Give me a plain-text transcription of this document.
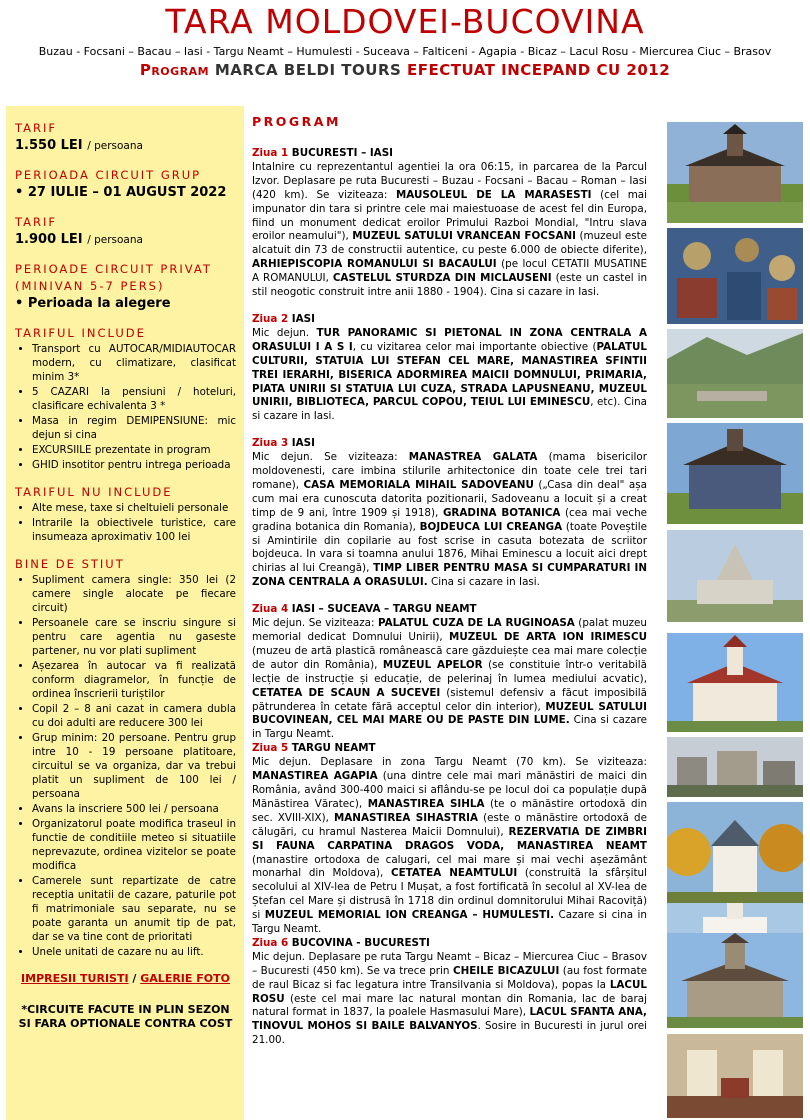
TARA MOLDOVEI-BUCOVINA

Buzau - Focsani – Bacau – Iasi - Targu Neamt – Humulesti - Suceava – Falticeni - Agapia - Bicaz – Lacul Rosu - Miercurea Ciuc – Brasov

Program MARCA BELDI TOURS EFECTUAT INCEPAND CU 2012

TARIF

1.550 LEI / persoana

PERIOADA CIRCUIT GRUP

• 27 IULIE – 01 AUGUST 2022

TARIF

1.900 LEI / persoana

PERIOADE CIRCUIT PRIVAT (MINIVAN 5-7 PERS)

• Perioada la alegere

TARIFUL INCLUDE

• Transport cu AUTOCAR/MIDIAUTOCAR modern, cu climatizare, clasificat minim 3*
• 5 CAZARI la pensiuni / hoteluri, clasificare echivalenta 3 *
• Masa in regim DEMIPENSIUNE: mic dejun si cina
• EXCURSIILE prezentate in program
• GHID insotitor pentru intrega perioada

TARIFUL NU INCLUDE

• Alte mese, taxe si cheltuieli personale
• Intrarile la obiectivele turistice, care insumeaza aproximativ 100 lei

BINE DE STIUT

• Supliment camera single: 350 lei (2 camere single alocate pe fiecare circuit)
• Persoanele care se inscriu singure si pentru care agentia nu gaseste partener, nu vor plati supliment
• Așezarea în autocar va fi realizată conform diagramelor, în funcție de ordinea înscrierii turiștilor
• Copil 2 – 8 ani cazat in camera dubla cu doi adulti are reducere 300 lei
• Grup minim: 20 persoane. Pentru grup intre 10 - 19 persoane platitoare, circuitul se va organiza, dar va trebui platit un supliment de 100 lei / persoana
• Avans la inscriere 500 lei / persoana
• Organizatorul poate modifica traseul in functie de conditiile meteo si situatiile neprevazute, ordinea vizitelor se poate modifica
• Camerele sunt repartizate de catre receptia unitatii de cazare, paturile pot fi matrimoniale sau separate, nu se poate garanta un anumit tip de pat, dar se va tine cont de prioritati
• Unele unitati de cazare nu au lift.
IMPRESII TURISTI / GALERIE FOTO
*CIRCUITE FACUTE IN PLIN SEZON SI FARA OPTIONALE CONTRA COST
PROGRAM
Ziua 1 BUCURESTI – IASI
Intalnire cu reprezentantul agentiei la ora 06:15, in parcarea de la Parcul Izvor. Deplasare pe ruta Bucuresti – Buzau - Focsani – Bacau – Roman – Iasi (420 km). Se viziteaza: MAUSOLEUL DE LA MARASESTI (cel mai impunator din tara si printre cele mai maiestuoase de acest fel din Europa, fiind un monument dedicat eroilor Primului Razboi Mondial, "Intru slava eroilor neamului"), MUZEUL SATULUI VRANCEAN FOCSANI (muzeul este alcatuit din 73 de constructii autentice, cu peste 6.000 de obiecte diferite), ARHIEPISCOPIA ROMANULUI SI BACAULUI (pe locul CETATII MUSATINE A ROMANULUI, CASTELUL STURDZA DIN MICLAUSENI (este un castel in stil neogotic construit intre anii 1880 - 1904). Cina si cazare in Iasi.
Ziua 2 IASI
Mic dejun. TUR PANORAMIC SI PIETONAL IN ZONA CENTRALA A ORASULUI I A S I, cu vizitarea celor mai importante obiective (PALATUL CULTURII, STATUIA LUI STEFAN CEL MARE, MANASTIREA SFINTII TREI IERARHI, BISERICA ADORMIREA MAICII DOMNULUI, PRIMARIA, PIATA UNIRII SI STATUIA LUI CUZA, STRADA LAPUSNEANU, MUZEUL UNIRII, BIBLIOTECA, PARCUL COPOU, TEIUL LUI EMINESCU, etc). Cina si cazare in Iasi.
Ziua 3 IASI
Mic dejun. Se viziteaza: MANASTREA GALATA (mama bisericilor moldovenesti, care imbina stilurile arhitectonice din toate cele trei tari romane), CASA MEMORIALA MIHAIL SADOVEANU („Casa din deal" așa cum mai era cunoscuta datorita pozitionarii, Sadoveanu a locuit și a creat timp de 9 ani, între 1909 și 1918), GRADINA BOTANICA (cea mai veche gradina botanica din Romania), BOJDEUCA LUI CREANGA (toate Poveștile si Amintirile din copilarie au fost scrise in casuta botezata de scriitor bojdeuca. In vara si toamna anului 1876, Mihai Eminescu a locuit aici drept chirias al lui Creangă), TIMP LIBER PENTRU MASA SI CUMPARATURI IN ZONA CENTRALA A ORASULUI. Cina si cazare in Iasi.
Ziua 4 IASI – SUCEAVA – TARGU NEAMT
Mic dejun. Se viziteaza: PALATUL CUZA DE LA RUGINOASA (palat muzeu memorial dedicat Domnului Unirii), MUZEUL DE ARTA ION IRIMESCU (muzeu de artă plastică românească care găzduiește cea mai mare colecție de autor din România), MUZEUL APELOR (se constituie într-o veritabilă lecție de instrucție și educație, de pelerinaj în lumea mediului acvatic), CETATEA DE SCAUN A SUCEVEI (sistemul defensiv a făcut imposibilă pătrunderea în cetate fără acceptul celor din interior), MUZEUL SATULUI BUCOVINEAN, CEL MAI MARE OU DE PASTE DIN LUME. Cina si cazare in Targu Neamt.
Ziua 5 TARGU NEAMT
Mic dejun. Deplasare in zona Targu Neamt (70 km). Se viziteaza: MANASTIREA AGAPIA (una dintre cele mai mari mănăstiri de maici din România, având 300-400 maici si aflându-se pe locul doi ca populație după Mănăstirea Văratec), MANASTIREA SIHLA (te o mănăstire ortodoxă din sec. XVIII-XIX), MANASTIREA SIHASTRIA (este o mănăstire ortodoxă de călugări, cu hramul Nasterea Maicii Domnului), REZERVATIA DE ZIMBRI SI FAUNA CARPATINA DRAGOS VODA, MANASTIREA NEAMT (manastire ortodoxa de calugari, cel mai mare și mai vechi așezământ monarhal din Moldova), CETATEA NEAMTULUI (construită la sfârșitul secolului al XIV-lea de Petru I Mușat, a fost fortificată în secolul al XV-lea de Ștefan cel Mare și distrusă în 1718 din ordinul domnitorului Mihai Racoviță) si MUZEUL MEMORIAL ION CREANGA – HUMULESTI. Cazare si cina in Targu Neamt.
Ziua 6 BUCOVINA - BUCURESTI
Mic dejun. Deplasare pe ruta Targu Neamt – Bicaz – Miercurea Ciuc – Brasov – Bucuresti (450 km). Se va trece prin CHEILE BICAZULUI (au fost formate de raul Bicaz si fac legatura intre Transilvania si Moldova), popas la LACUL ROSU (este cel mai mare lac natural montan din Romania, lac de baraj natural format in 1837, la poalele Hasmasului Mare), LACUL SFANTA ANA, TINOVUL MOHOS SI BAILE BALVANYOS. Sosire in Bucuresti in jurul orei 21.00.
